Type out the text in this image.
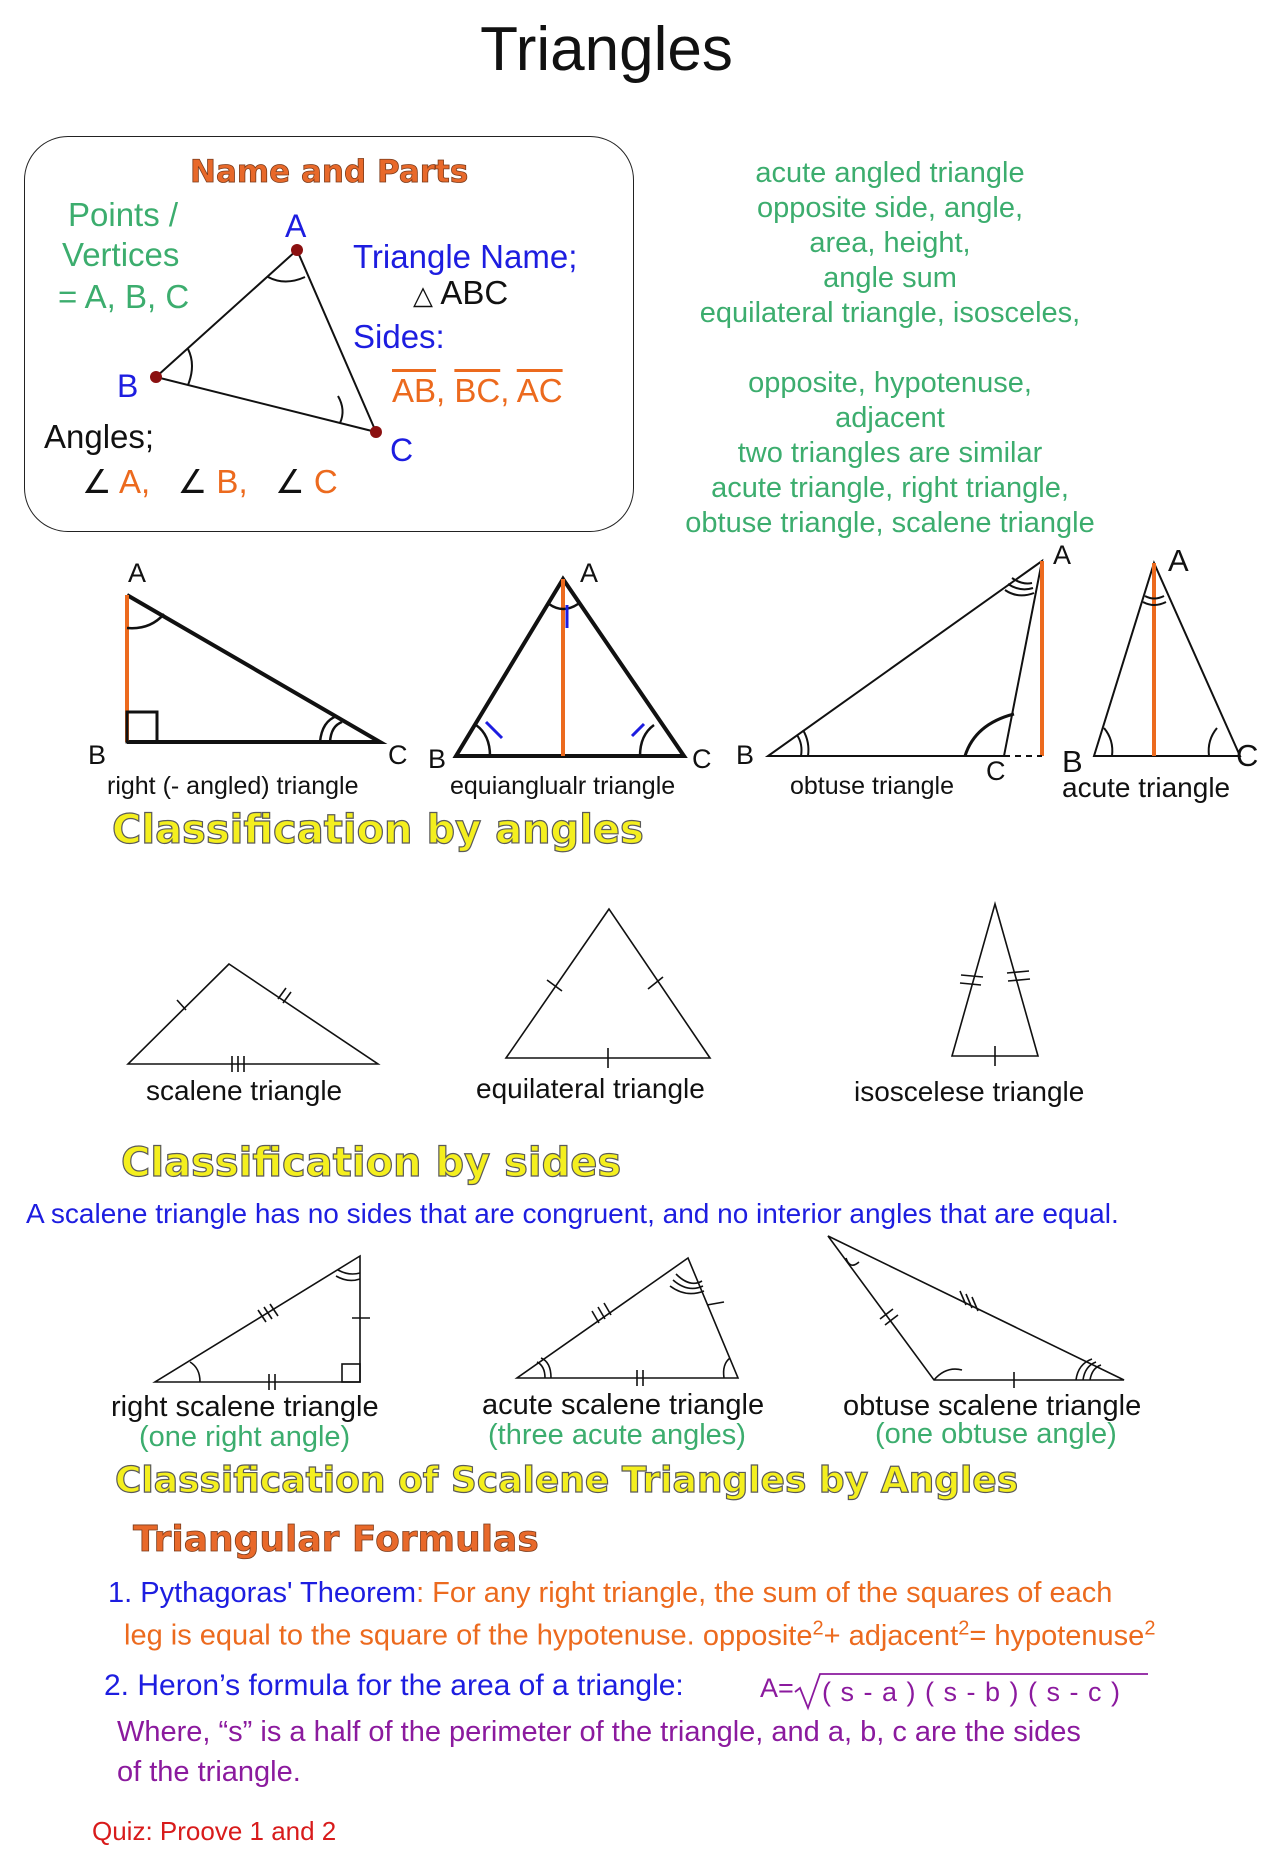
Triangles
Name and Parts
Points /
Vertices
= A, B, C
Triangle Name;
△ ABC
Sides:
$\overline{AB}$, $\overline{BC}$, $\overline{AC}$
Angles;
∠ A, ∠ B, ∠ C
acute angled triangle
opposite side, angle,
area, height,
angle sum
equilateral triangle, isosceles,
opposite, hypotenuse,
adjacent
two triangles are similar
acute triangle, right triangle,
obtuse triangle, scalene triangle
A
B
C
A
B	C
right (- angled) triangle
A
B	C
equianglualr triangle
A
B
C
obtuse triangle
A
B	C
acute triangle
Classification by angles
scalene triangle	equilateral triangle	isoscelese triangle
Classification by sides
A scalene triangle has no sides that are congruent, and no interior angles that are equal.
right scalene triangle
(one right angle)
acute scalene triangle
(three acute angles)
obtuse scalene triangle
(one obtuse angle)
Classification of Scalene Triangles by Angles
Triangular Formulas
1. Pythagoras' Theorem: For any right triangle, the sum of the squares of each
leg is equal to the square of the hypotenuse. opposite$^2$+ adjacent$^2$= hypotenuse$^2$
2. Heron’s formula for the area of a triangle:	A= ( s - a ) ( s - b ) ( s - c )
Where, “s” is a half of the perimeter of the triangle, and a, b, c are the sides
of the triangle.
Quiz: Proove 1 and 2
